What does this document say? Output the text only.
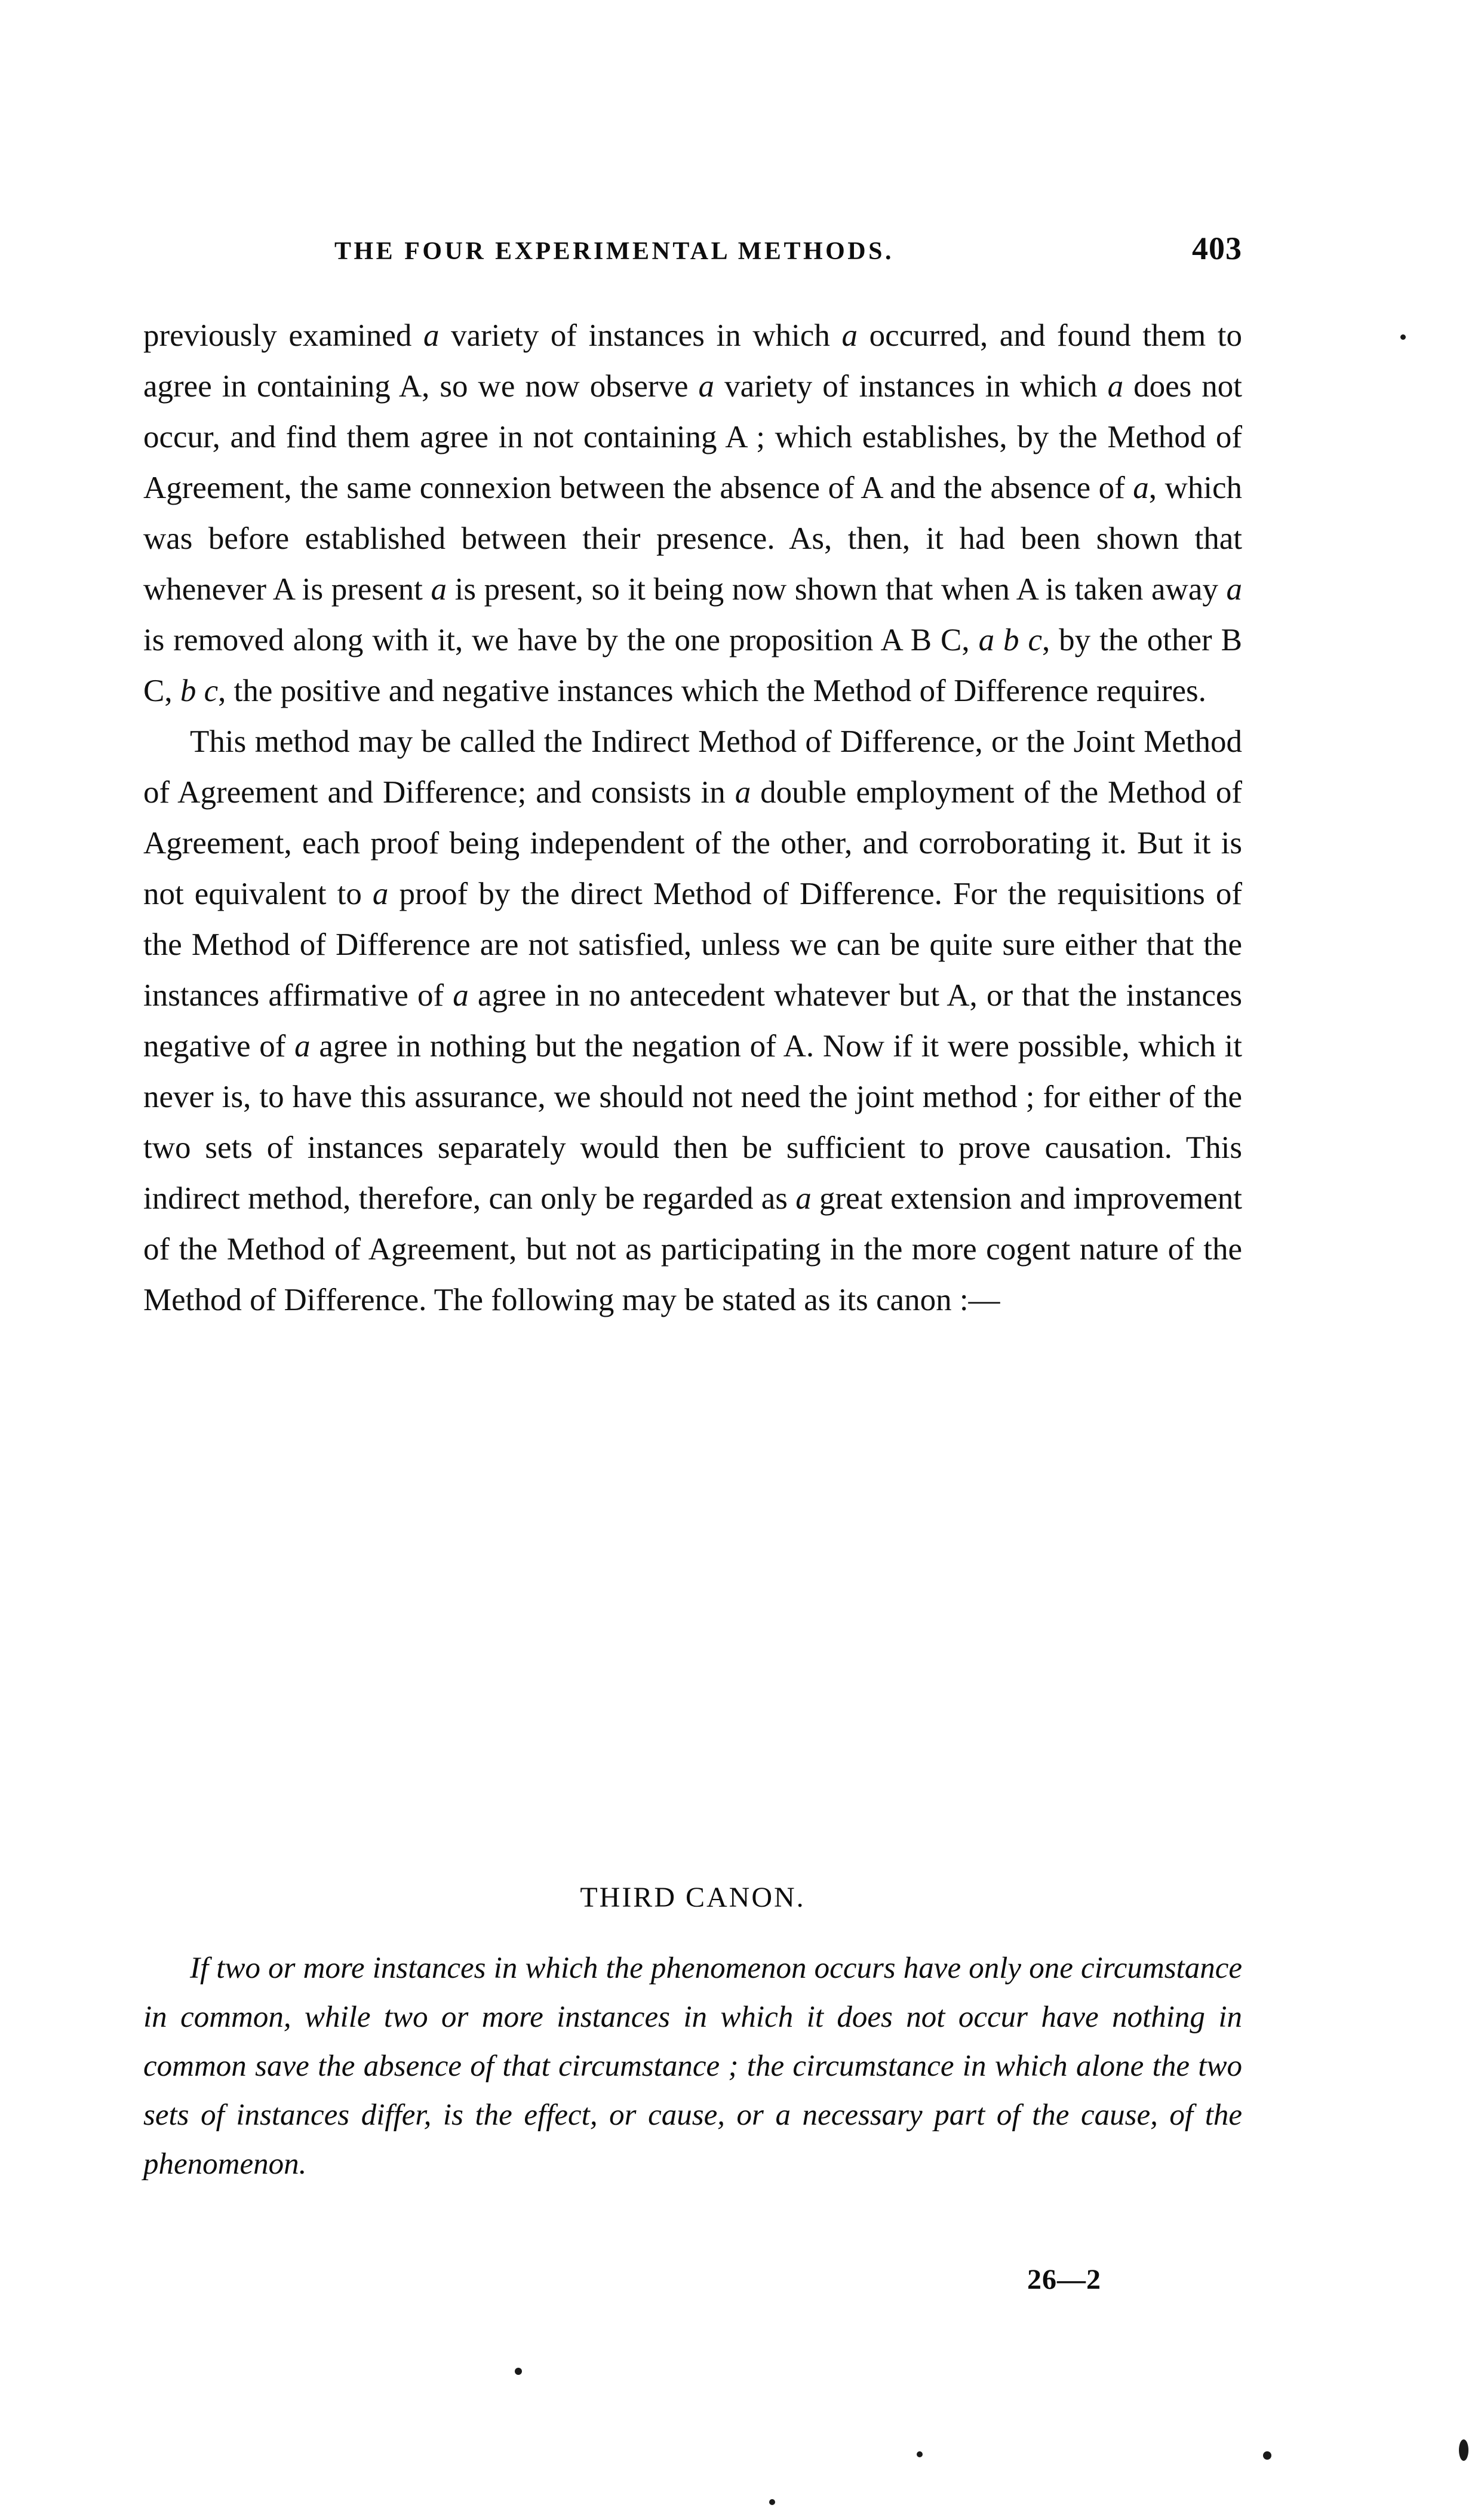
THE FOUR EXPERIMENTAL METHODS.	403

previously examined a variety of instances in which a occurred, and found them to agree in containing A, so we now observe a variety of instances in which a does not occur, and find them agree in not containing A ; which establishes, by the Method of Agreement, the same connexion between the absence of A and the absence of a, which was before established between their presence. As, then, it had been shown that whenever A is present a is present, so it being now shown that when A is taken away a is removed along with it, we have by the one proposition A B C, a b c, by the other B C, b c, the positive and negative instances which the Method of Difference requires.

This method may be called the Indirect Method of Difference, or the Joint Method of Agreement and Difference; and consists in a double employment of the Method of Agreement, each proof being independent of the other, and corroborating it. But it is not equivalent to a proof by the direct Method of Difference. For the requisitions of the Method of Difference are not satisfied, unless we can be quite sure either that the instances affirmative of a agree in no antecedent whatever but A, or that the instances negative of a agree in nothing but the negation of A. Now if it were possible, which it never is, to have this assurance, we should not need the joint method ; for either of the two sets of instances separately would then be sufficient to prove causation. This indirect method, therefore, can only be regarded as a great extension and improvement of the Method of Agreement, but not as participating in the more cogent nature of the Method of Difference. The following may be stated as its canon :—

THIRD CANON.

If two or more instances in which the phenomenon occurs have only one circumstance in common, while two or more instances in which it does not occur have nothing in common save the absence of that circumstance ; the circumstance in which alone the two sets of instances differ, is the effect, or cause, or a necessary part of the cause, of the phenomenon.

26—2
